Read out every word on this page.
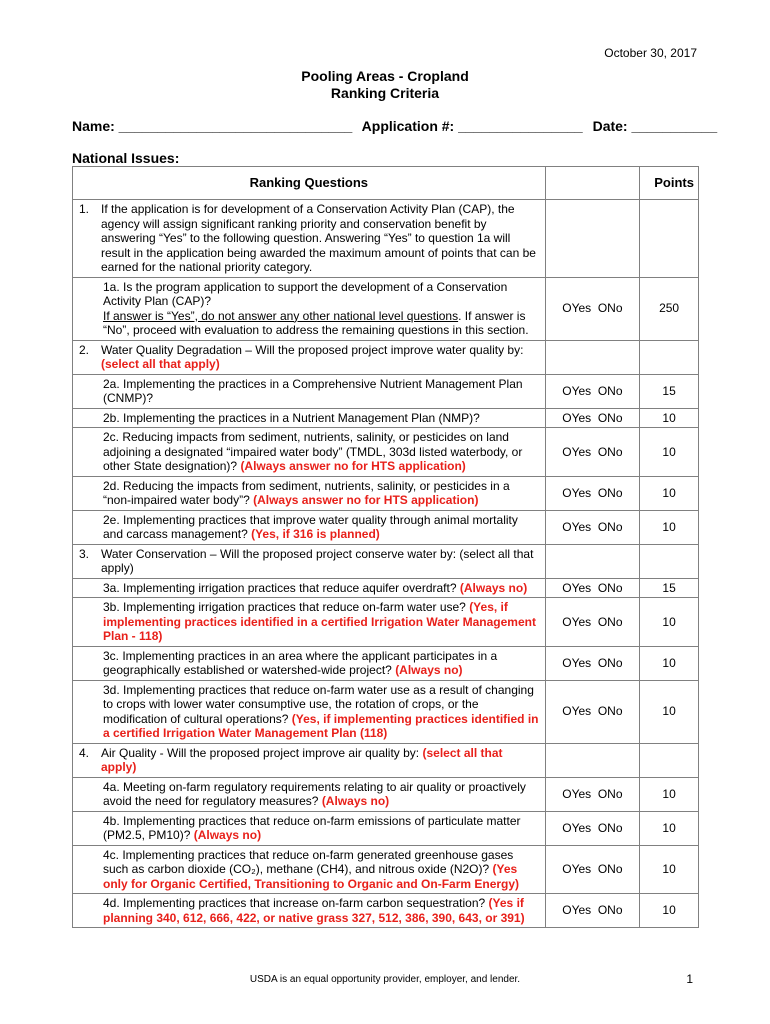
October 30, 2017
Pooling Areas - Cropland
Ranking Criteria
Name: ______________________________ Application #: ________________ Date: ___________
National Issues:
Ranking Questions		Points

1. If the application is for development of a Conservation Activity Plan (CAP), the agency will assign significant ranking priority and conservation benefit by answering “Yes” to the following question. Answering “Yes” to question 1a will result in the application being awarded the maximum amount of points that can be earned for the national priority category.		

1a. Is the program application to support the development of a Conservation Activity Plan (CAP)?
If answer is “Yes”, do not answer any other national level questions. If answer is “No”, proceed with evaluation to address the remaining questions in this section.	OYes ONo	250

2. Water Quality Degradation – Will the proposed project improve water quality by:
(select all that apply)		

2a. Implementing the practices in a Comprehensive Nutrient Management Plan (CNMP)?	OYes ONo	15

2b. Implementing the practices in a Nutrient Management Plan (NMP)?	OYes ONo	10

2c. Reducing impacts from sediment, nutrients, salinity, or pesticides on land adjoining a designated “impaired water body” (TMDL, 303d listed waterbody, or other State designation)? (Always answer no for HTS application)	OYes ONo	10

2d. Reducing the impacts from sediment, nutrients, salinity, or pesticides in a “non-impaired water body”? (Always answer no for HTS application)	OYes ONo	10

2e. Implementing practices that improve water quality through animal mortality and carcass management? (Yes, if 316 is planned)	OYes ONo	10

3. Water Conservation – Will the proposed project conserve water by: (select all that apply)		

3a. Implementing irrigation practices that reduce aquifer overdraft? (Always no)	OYes ONo	15

3b. Implementing irrigation practices that reduce on-farm water use? (Yes, if implementing practices identified in a certified Irrigation Water Management Plan - 118)	OYes ONo	10

3c. Implementing practices in an area where the applicant participates in a geographically established or watershed-wide project? (Always no)	OYes ONo	10

3d. Implementing practices that reduce on-farm water use as a result of changing to crops with lower water consumptive use, the rotation of crops, or the modification of cultural operations? (Yes, if implementing practices identified in a certified Irrigation Water Management Plan (118)	OYes ONo	10

4. Air Quality - Will the proposed project improve air quality by: (select all that apply)		

4a. Meeting on-farm regulatory requirements relating to air quality or proactively avoid the need for regulatory measures? (Always no)	OYes ONo	10

4b. Implementing practices that reduce on-farm emissions of particulate matter (PM2.5, PM10)? (Always no)	OYes ONo	10

4c. Implementing practices that reduce on-farm generated greenhouse gases such as carbon dioxide (CO₂), methane (CH4), and nitrous oxide (N2O)? (Yes only for Organic Certified, Transitioning to Organic and On-Farm Energy)	OYes ONo	10

4d. Implementing practices that increase on-farm carbon sequestration? (Yes if planning 340, 612, 666, 422, or native grass 327, 512, 386, 390, 643, or 391)	OYes ONo	10
USDA is an equal opportunity provider, employer, and lender.	1
